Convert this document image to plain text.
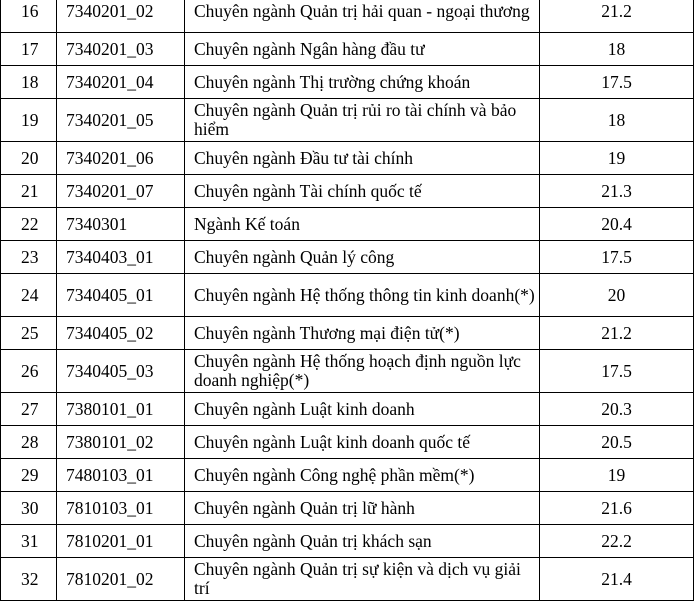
16	7340201_02	Chuyên ngành Quản trị hải quan - ngoại thương	21.2
17	7340201_03	Chuyên ngành Ngân hàng đầu tư	18
18	7340201_04	Chuyên ngành Thị trường chứng khoán	17.5
19	7340201_05	Chuyên ngành Quản trị rủi ro tài chính và bảo hiểm	18
20	7340201_06	Chuyên ngành Đầu tư tài chính	19
21	7340201_07	Chuyên ngành Tài chính quốc tế	21.3
22	7340301	Ngành Kế toán	20.4
23	7340403_01	Chuyên ngành Quản lý công	17.5
24	7340405_01	Chuyên ngành Hệ thống thông tin kinh doanh(*)	20
25	7340405_02	Chuyên ngành Thương mại điện tử(*)	21.2
26	7340405_03	Chuyên ngành Hệ thống hoạch định nguồn lực doanh nghiệp(*)	17.5
27	7380101_01	Chuyên ngành Luật kinh doanh	20.3
28	7380101_02	Chuyên ngành Luật kinh doanh quốc tế	20.5
29	7480103_01	Chuyên ngành Công nghệ phần mềm(*)	19
30	7810103_01	Chuyên ngành Quản trị lữ hành	21.6
31	7810201_01	Chuyên ngành Quản trị khách sạn	22.2
32	7810201_02	Chuyên ngành Quản trị sự kiện và dịch vụ giải trí	21.4
